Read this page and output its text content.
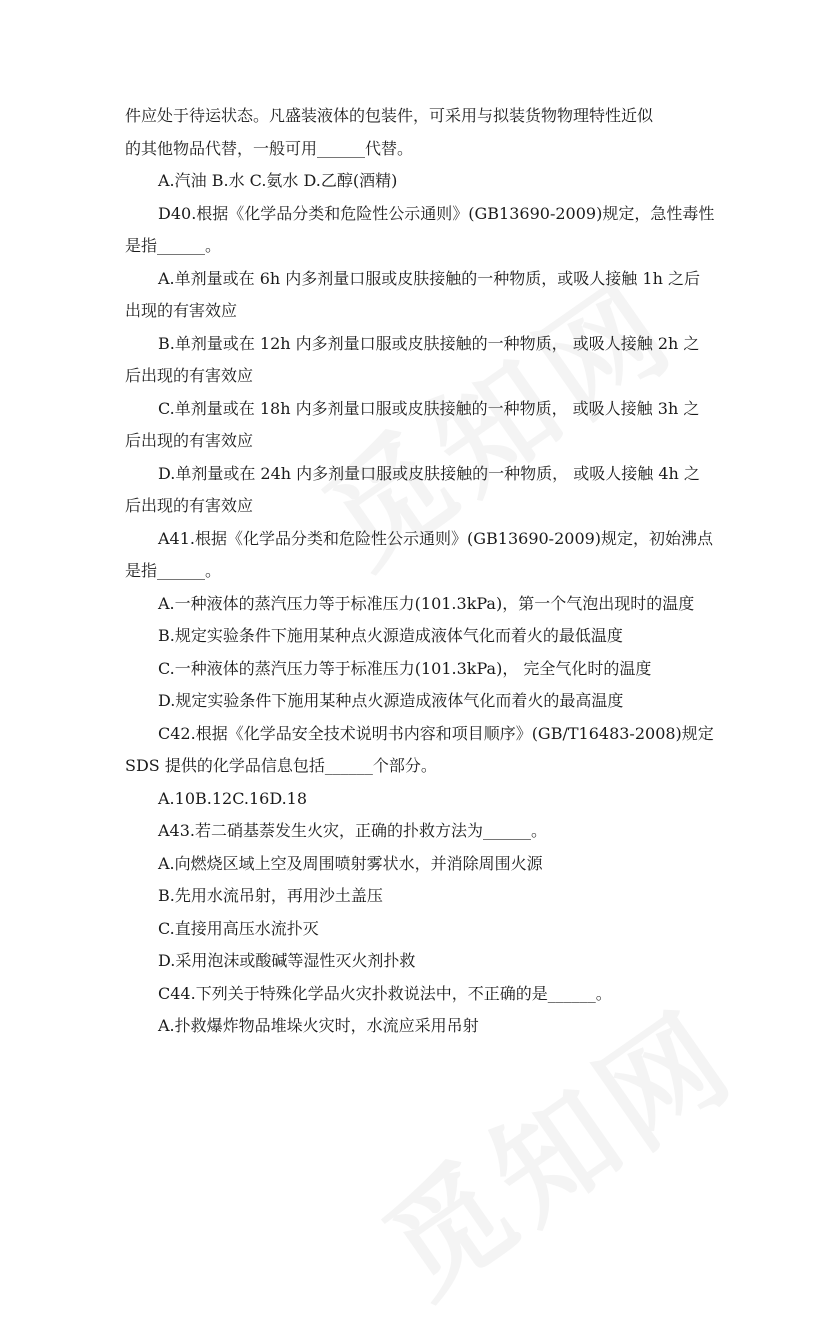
件应处于待运状态。凡盛装液体的包装件，可采用与拟装货物物理特性近似
的其他物品代替，一般可用______代替。
A.汽油 B.水 C.氨水 D.乙醇(酒精)
D40.根据《化学品分类和危险性公示通则》(GB13690-2009)规定，急性毒性
是指______。
A.单剂量或在 6h 内多剂量口服或皮肤接触的一种物质，或吸人接触 1h 之后
出现的有害效应
B.单剂量或在 12h 内多剂量口服或皮肤接触的一种物质， 或吸人接触 2h 之
后出现的有害效应
C.单剂量或在 18h 内多剂量口服或皮肤接触的一种物质， 或吸人接触 3h 之
后出现的有害效应
D.单剂量或在 24h 内多剂量口服或皮肤接触的一种物质， 或吸人接触 4h 之
后出现的有害效应
A41.根据《化学品分类和危险性公示通则》(GB13690-2009)规定，初始沸点
是指______。
A.一种液体的蒸汽压力等于标准压力(101.3kPa)，第一个气泡出现时的温度
B.规定实验条件下施用某种点火源造成液体气化而着火的最低温度
C.一种液体的蒸汽压力等于标准压力(101.3kPa)， 完全气化时的温度
D.规定实验条件下施用某种点火源造成液体气化而着火的最高温度
C42.根据《化学品安全技术说明书内容和项目顺序》(GB/T16483-2008)规定
SDS 提供的化学品信息包括______个部分。
A.10B.12C.16D.18
A43.若二硝基萘发生火灾，正确的扑救方法为______。
A.向燃烧区域上空及周围喷射雾状水，并消除周围火源
B.先用水流吊射，再用沙土盖压
C.直接用高压水流扑灭
D.采用泡沫或酸碱等湿性灭火剂扑救
C44.下列关于特殊化学品火灾扑救说法中，不正确的是______。
A.扑救爆炸物品堆垛火灾时，水流应采用吊射
